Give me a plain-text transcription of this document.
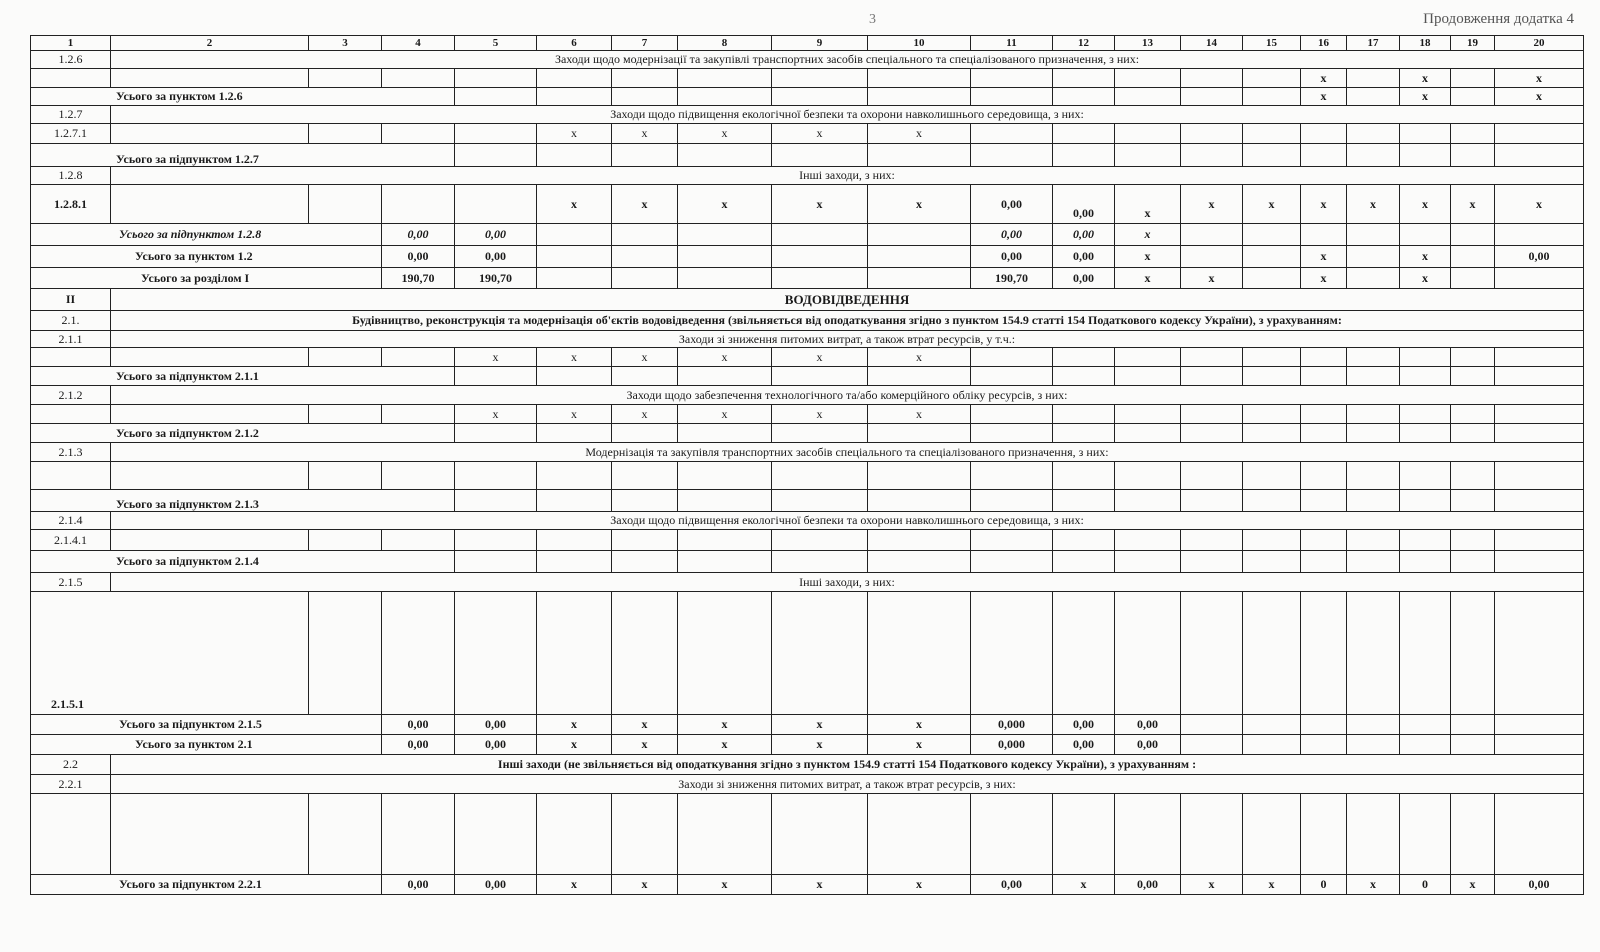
3	Продовження додатка 4
1	2	3	4	5	6	7	8	9	10	11	12	13	14	15	16	17	18	19	20
1.2.6	Заходи щодо модернізації та закупівлі транспортних засобів спеціального та спеціалізованого призначення, з них:																		
															x		x		x
Усього за пунктом 1.2.6															x		x		x
1.2.7	Заходи щодо підвищення екологічної безпеки та охорони навколишнього середовища, з них:																		
1.2.7.1					x	x	x	x	x										
Усього за підпунктом 1.2.7																			
1.2.8	Інші заходи, з них:																		
1.2.8.1					x	x	x	x	x	0,00	0,00	x	x	x	x	x	x	x	x
Усього за підпунктом 1.2.8			0,00	0,00						0,00	0,00	x							
Усього за пунктом 1.2			0,00	0,00						0,00	0,00	x			x		x		0,00
Усього за розділом І			190,70	190,70						190,70	0,00	x	x		x		x		
ІІ	ВОДОВІДВЕДЕННЯ																		
2.1.	Будівництво, реконструкція та модернізація об'єктів водовідведення (звільняється від оподаткування згідно з пунктом 154.9 статті 154 Податкового кодексу України), з урахуванням:																		
2.1.1	Заходи зі зниження питомих витрат, а також втрат ресурсів, у т.ч.:																		
				x	x	x	x	x	x										
Усього за підпунктом 2.1.1																			
2.1.2	Заходи щодо забезпечення технологічного та/або комерційного обліку ресурсів, з них:																		
				x	x	x	x	x	x										
Усього за підпунктом 2.1.2																			
2.1.3	Модернізація та закупівля транспортних засобів спеціального та спеціалізованого призначення, з них:																		

Усього за підпунктом 2.1.3																			
2.1.4	Заходи щодо підвищення екологічної безпеки та охорони навколишнього середовища, з них:																		
2.1.4.1																			
Усього за підпунктом 2.1.4																			
2.1.5	Інші заходи, з них:																		
2.1.5.1																			
Усього за підпунктом 2.1.5			0,00	0,00	x	x	x	x	x	0,000	0,00	0,00							
Усього за пунктом 2.1			0,00	0,00	x	x	x	x	x	0,000	0,00	0,00							
2.2	Інші заходи (не звільняється від оподаткування згідно з пунктом 154.9 статті 154 Податкового кодексу України), з урахуванням :																		
2.2.1	Заходи зі зниження питомих витрат, а також втрат ресурсів, з них:																		

Усього за підпунктом 2.2.1			0,00	0,00	x	x	x	x	x	0,00	x	0,00	x	x	0	x	0	x	0,00
